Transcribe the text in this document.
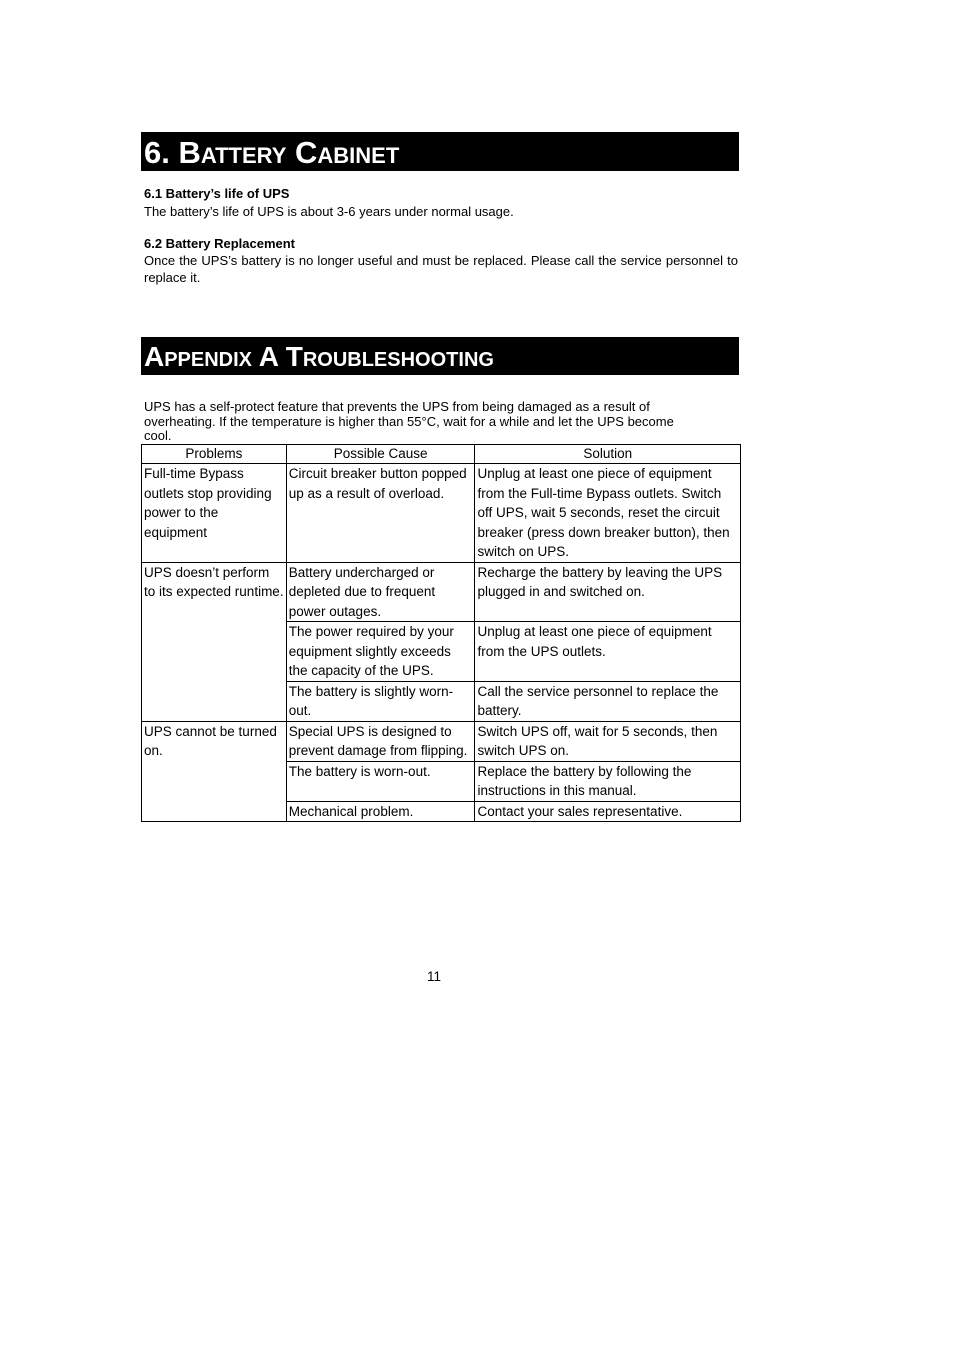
6. Battery Cabinet
6.1 Battery’s life of UPS
The battery’s life of UPS is about 3-6 years under normal usage.
6.2 Battery Replacement
Once the UPS’s battery is no longer useful and must be replaced. Please call the service personnel to replace it.
Appendix A Troubleshooting
UPS has a self-protect feature that prevents the UPS from being damaged as a result of overheating. If the temperature is higher than 55°C, wait for a while and let the UPS become cool.
Problems	Possible Cause	Solution
Full-time Bypass outlets stop providing power to the equipment	Circuit breaker button popped up as a result of overload.	Unplug at least one piece of equipment from the Full-time Bypass outlets. Switch off UPS, wait 5 seconds, reset the circuit breaker (press down breaker button), then switch on UPS.
UPS doesn’t perform to its expected runtime.	Battery undercharged or depleted due to frequent power outages.	Recharge the battery by leaving the UPS plugged in and switched on.
	The power required by your equipment slightly exceeds the capacity of the UPS.	Unplug at least one piece of equipment from the UPS outlets.
	The battery is slightly worn-out.	Call the service personnel to replace the battery.
UPS cannot be turned on.	Special UPS is designed to prevent damage from flipping.	Switch UPS off, wait for 5 seconds, then switch UPS on.
	The battery is worn-out.	Replace the battery by following the instructions in this manual.
	Mechanical problem.	Contact your sales representative.
11
